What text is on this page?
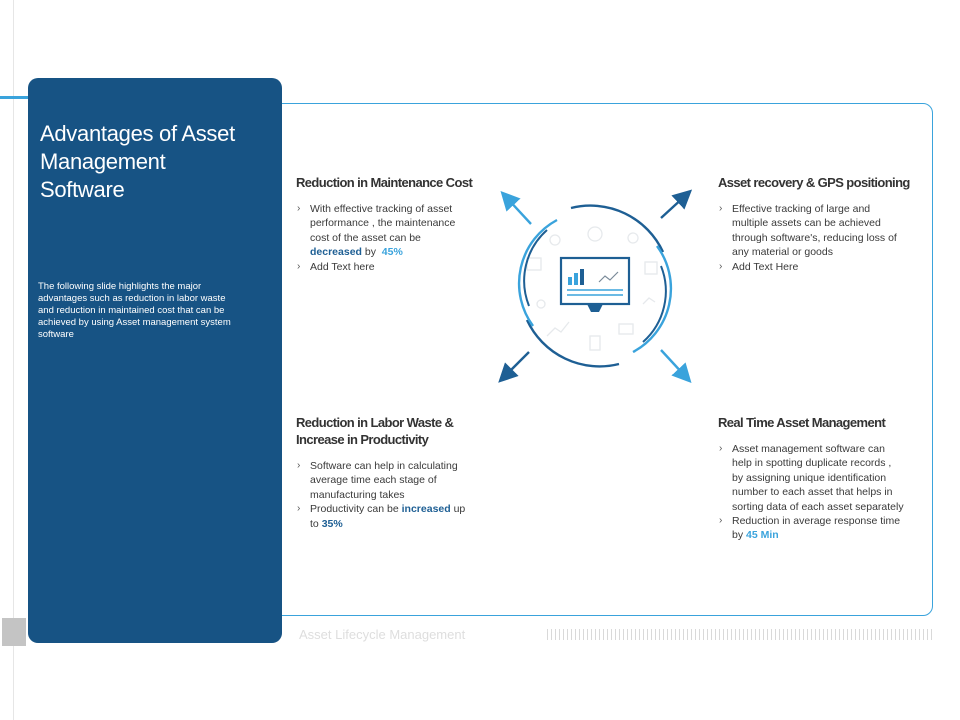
Advantages of Asset
Management
Software

The following slide highlights the major
advantages such as reduction in labor waste
and reduction in maintained cost that can be
achieved by using Asset management system
software

Reduction in Maintenance Cost
› With effective tracking of asset
performance , the maintenance
cost of the asset can be
decreased by  45%
› Add Text here
Asset recovery & GPS positioning
› Effective tracking of large and
multiple assets can be achieved
through software's, reducing loss of
any material or goods
› Add Text Here
Reduction in Labor Waste &
Increase in Productivity
› Software can help in calculating
average time each stage of
manufacturing takes
› Productivity can be increased up
to 35%
Real Time Asset Management
› Asset management software can
help in spotting duplicate records ,
by assigning unique identification
number to each asset that helps in
sorting data of each asset separately
› Reduction in average response time
by 45 Min
Asset Lifecycle Management
